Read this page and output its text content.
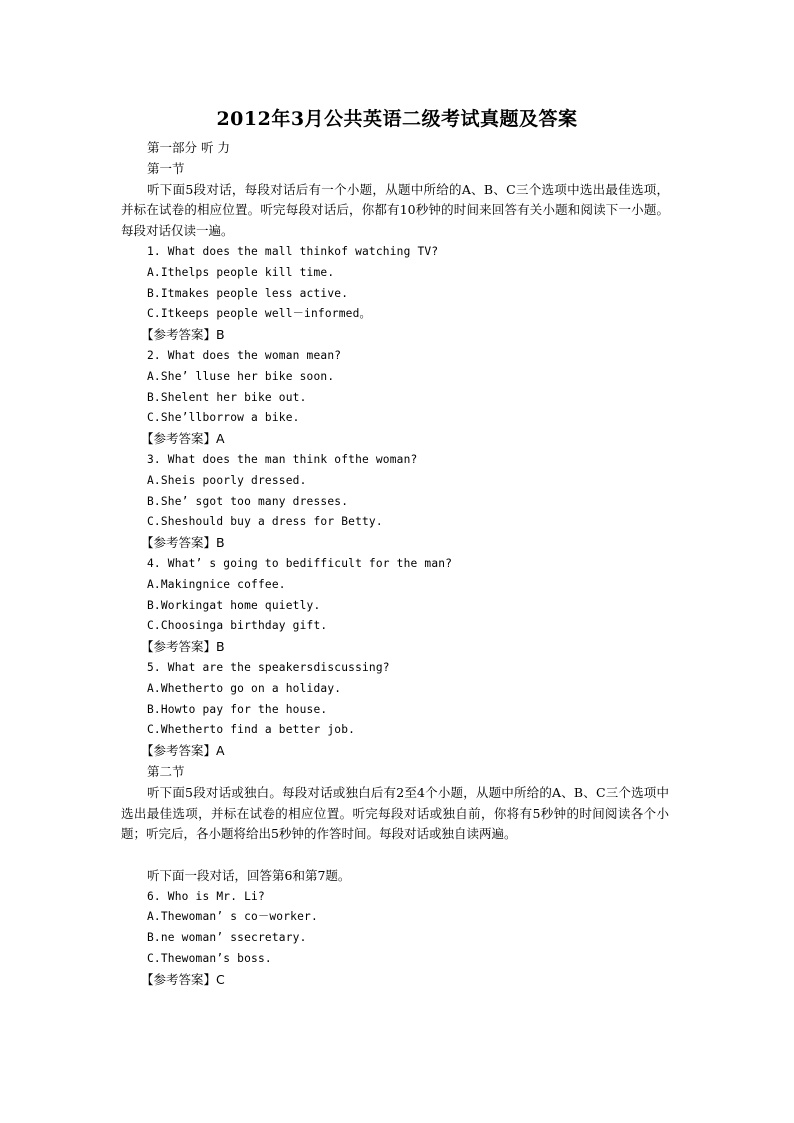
2012年3月公共英语二级考试真题及答案

第一部分 听 力

第一节

听下面5段对话，每段对话后有一个小题，从题中所给的A、B、C三个选项中选出最佳选项，并标在试卷的相应位置。听完每段对话后，你都有10秒钟的时间来回答有关小题和阅读下一小题。每段对话仅读一遍。

1. What does the mall thinkof watching TV?

A.Ithelps people kill time.

B.Itmakes people less active.

C.Itkeeps people well－informed。

【参考答案】B

2. What does the woman mean?

A.She’ lluse her bike soon.

B.Shelent her bike out.

C.She’llborrow a bike.

【参考答案】A

3. What does the man think ofthe woman?

A.Sheis poorly dressed.

B.She’ sgot too many dresses.

C.Sheshould buy a dress for Betty.

【参考答案】B

4. What’ s going to bedifficult for the man?

A.Makingnice coffee.

B.Workingat home quietly.

C.Choosinga birthday gift.

【参考答案】B

5. What are the speakersdiscussing?

A.Whetherto go on a holiday.

B.Howto pay for the house.

C.Whetherto find a better job.

【参考答案】A

第二节

听下面5段对话或独白。每段对话或独白后有2至4个小题，从题中所给的A、B、C三个选项中选出最佳选项，并标在试卷的相应位置。听完每段对话或独自前，你将有5秒钟的时间阅读各个小题；听完后，各小题将给出5秒钟的作答时间。每段对话或独自读两遍。

听下面一段对话，回答第6和第7题。

6. Who is Mr. Li?

A.Thewoman’ s co－worker.

B.ne woman’ ssecretary.

C.Thewoman’s boss.

【参考答案】C
